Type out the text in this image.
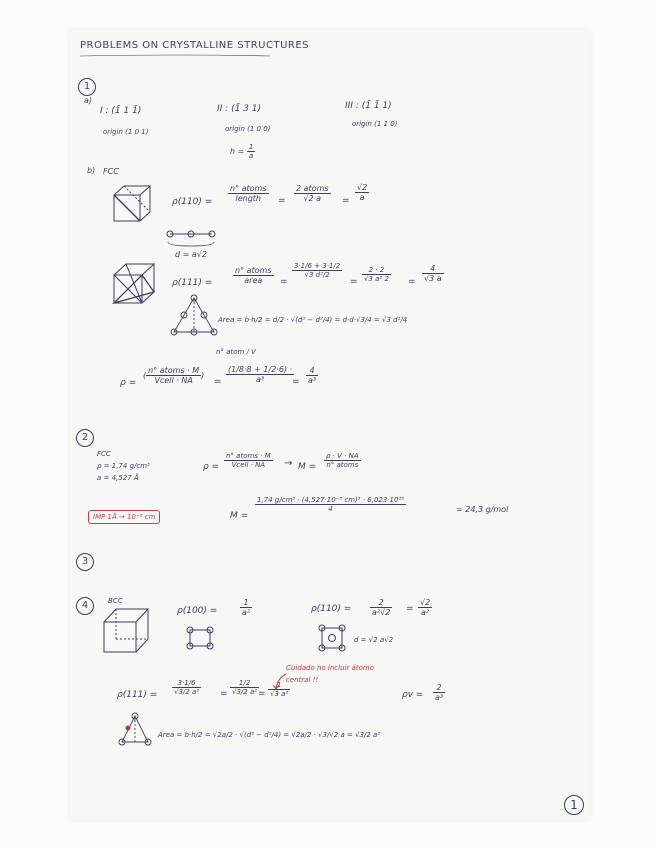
PROBLEMS ON CRYSTALLINE STRUCTURES
1
a)
I : (1̄ 1 1̄)
origin (1 0 1)
II : (1̄ 3 1)
origin (1 0 0)
$h = \frac{1}{a}$
III : (1̄ 1̄ 1)
origin (1 1 0)
b) FCC
$\rho(110) = \frac{\text{n° atoms}}{\text{length}} = \frac{\text{2 atoms}}{√2 a} = \frac{√2}{a}$
d = a√2
ρ(111) =	$\frac{\text{n° atoms}}{\text{area}}$ =
$\frac{3\cdot 1/6 + 3\cdot 1/2}{\text{√3 d²/2}}$
= $\frac{2 \cdot 2}{\text{√3 a² 2}} = \frac{4}{√3 a}$
Area = b·h/2 = d/2 · √(d² − d²/4) = d·d·√3/4 = √3 d²/4
ρ =
( $\frac{\text{n° atoms · M}}{\text{Vcell · NA}}$ )
n° atom / V
= $\frac{(1/8\cdot 8 + 1/2\cdot 6) \cdot}{\text{a³}}$
= $\frac{4}{\text{a³}}$
2
FCC
ρ = 1,74 g/cm³
a = 4,527 Å
$\rho = \frac{\text{n° atoms · M}}{\text{Vcell · NA}} \to M = \frac{\rho \cdot V \cdot NA}{\text{n° atoms}}$
IMP 1Å → 10⁻⁸ cm	M =
$\frac{\text{1,74 g/cm³ · (4,527·10⁻⁸ cm)³ · 6,023·10²³}}{4}$	= 24,3 g/mol
3
4	BCC
ρ(100) =	$\frac{1}{\text{a²}}$	$\rho(110) = \frac{2}{\text{a²√2}} = \frac{√2}{\text{a²}}$
d = √2 a√2
Cuidado no incluir átomo central !!
$\rho(111) = \frac{3\cdot 1/6}{\text{√3/2 a²}} = \frac{1/2}{\text{√3/2 a²}}$
= $\frac{1}{\text{√3 a²}}$	$\rho v = \frac{2}{\text{a³}}$
Area = b·h/2 = √2a/2 · √(d² − d²/4) = √2a/2 · √3/√2 a = √3/2 a²
1
